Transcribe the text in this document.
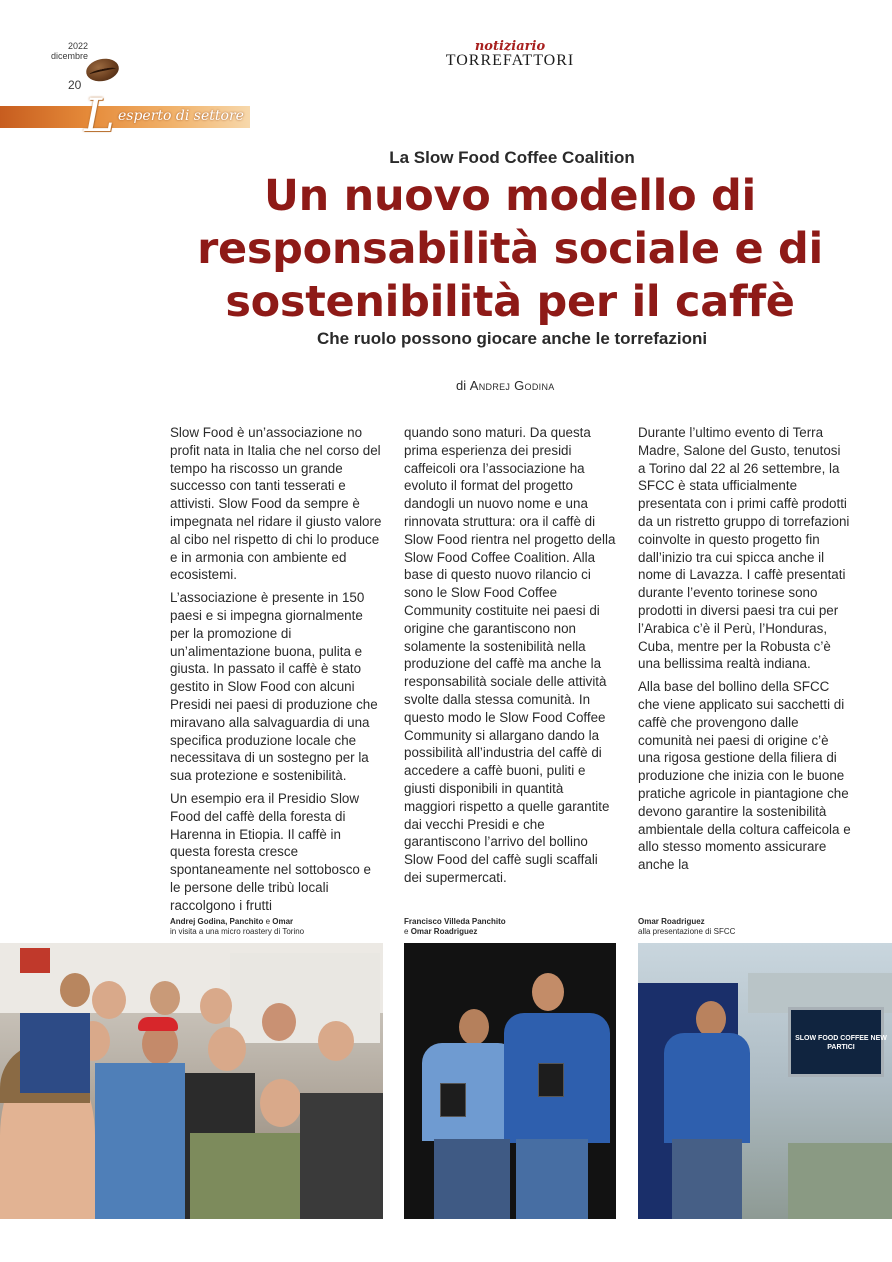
2022
dicembre
20
notiziario
TORREFATTORI
L esperto di settore
La Slow Food Coffee Coalition
Un nuovo modello di responsabilità sociale e di sostenibilità per il caffè
Che ruolo possono giocare anche le torrefazioni
di Andrej Godina

Slow Food è un’associazione no profit nata in Italia che nel corso del tempo ha riscosso un grande successo con tanti tesserati e attivisti. Slow Food da sempre è impegnata nel ridare il giusto valore al cibo nel rispetto di chi lo produce e in armonia con ambiente ed ecosistemi.

L’associazione è presente in 150 paesi e si impegna giornalmente per la promozione di un’alimentazione buona, pulita e giusta. In passato il caffè è stato gestito in Slow Food con alcuni Presidi nei paesi di produzione che miravano alla salvaguardia di una specifica produzione locale che necessitava di un sostegno per la sua protezione e sostenibilità.

Un esempio era il Presidio Slow Food del caffè della foresta di Harenna in Etiopia. Il caffè in questa foresta cresce spontaneamente nel sottobosco e le persone delle tribù locali raccolgono i frutti

quando sono maturi. Da questa prima esperienza dei presidi caffeicoli ora l’associazione ha evoluto il format del progetto dandogli un nuovo nome e una rinnovata struttura: ora il caffè di Slow Food rientra nel progetto della Slow Food Coffee Coalition. Alla base di questo nuovo rilancio ci sono le Slow Food Coffee Community costituite nei paesi di origine che garantiscono non solamente la sostenibilità nella produzione del caffè ma anche la responsabilità sociale delle attività svolte dalla stessa comunità. In questo modo le Slow Food Coffee Community si allargano dando la possibilità all’industria del caffè di accedere a caffè buoni, puliti e giusti disponibili in quantità maggiori rispetto a quelle garantite dai vecchi Presidi e che garantiscono l’arrivo del bollino Slow Food del caffè sugli scaffali dei supermercati.

Durante l’ultimo evento di Terra Madre, Salone del Gusto, tenutosi a Torino dal 22 al 26 settembre, la SFCC è stata ufficialmente presentata con i primi caffè prodotti da un ristretto gruppo di torrefazioni coinvolte in questo progetto fin dall’inizio tra cui spicca anche il nome di Lavazza. I caffè presentati durante l’evento torinese sono prodotti in diversi paesi tra cui per l’Arabica c’è il Perù, l’Honduras, Cuba, mentre per la Robusta c’è una bellissima realtà indiana.

Alla base del bollino della SFCC che viene applicato sui sacchetti di caffè che provengono dalle comunità nei paesi di origine c’è una rigosa gestione della filiera di produzione che inizia con le buone pratiche agricole in piantagione che devono garantire la sostenibilità ambientale della coltura caffeicola e allo stesso momento assicurare anche la

Andrej Godina, Panchito e Omar
in visita a una micro roastery di Torino
Francisco Villeda Panchito
e Omar Roadriguez
Omar Roadriguez
alla presentazione di SFCC
SLOW FOOD COFFEE NEW PARTICI
